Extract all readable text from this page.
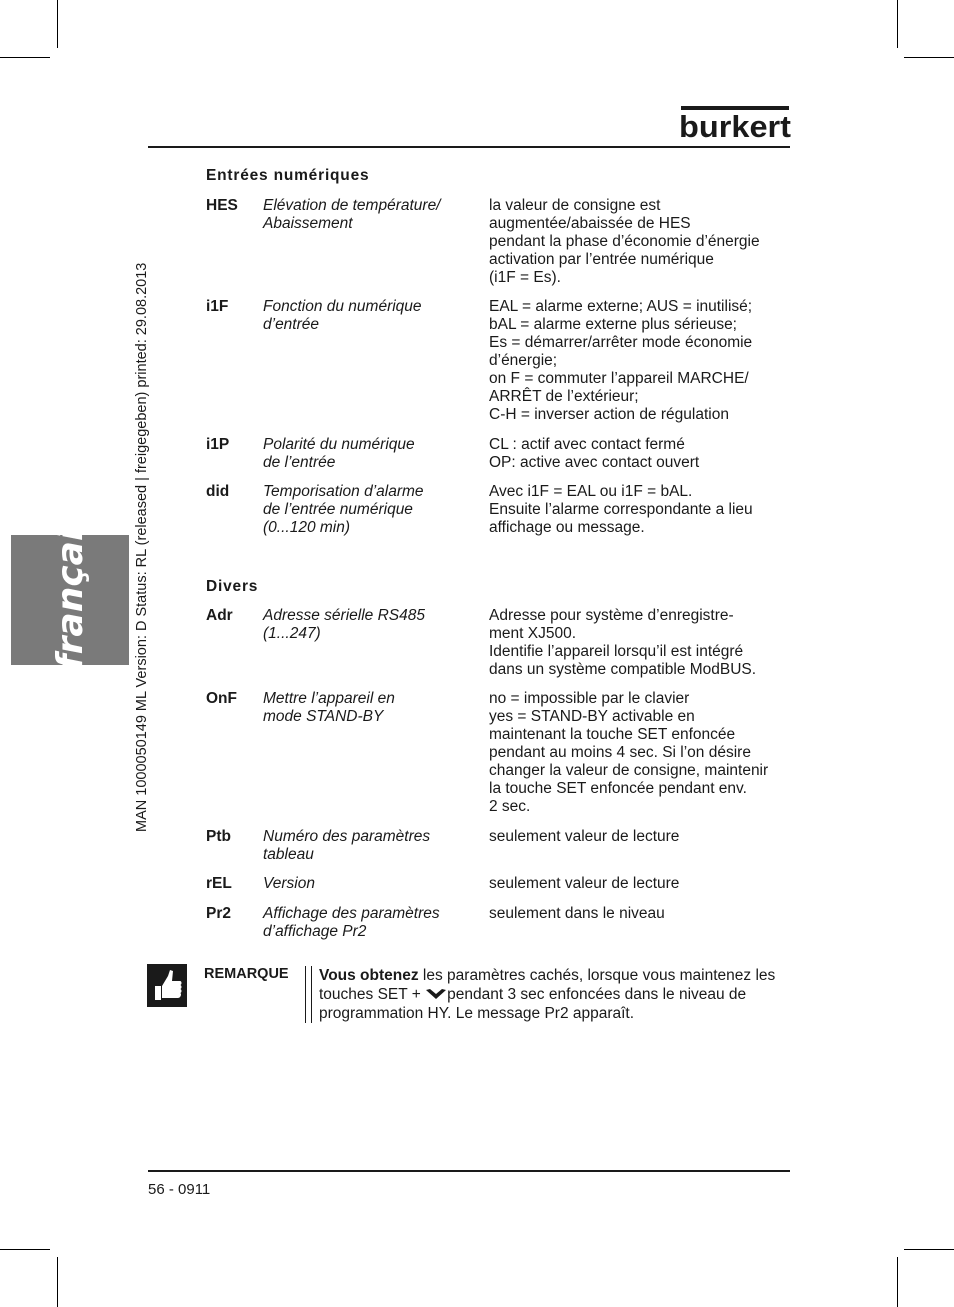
burkert
français	MAN 1000050149 ML Version: D Status: RL (released | freigegeben) printed: 29.08.2013
Entrées numériques
HES Elévation de température/
Abaissement
la valeur de consigne est
augmentée/abaissée de HES
pendant la phase d’économie d’énergie
activation par l’entrée numérique
(i1F = Es).
i1F Fonction du numérique
d’entrée
EAL = alarme externe; AUS = inutilisé;
bAL = alarme externe plus sérieuse;
Es = démarrer/arrêter mode économie
d’énergie;
on F = commuter l’appareil MARCHE/
ARRÊT de l’extérieur;
C-H = inverser action de régulation
i1P Polarité du numérique
de l’entrée
CL : actif avec contact fermé
OP: active avec contact ouvert
did Temporisation d’alarme
de l’entrée numérique
(0...120 min)
Avec i1F = EAL ou i1F = bAL.
Ensuite l’alarme correspondante a lieu
affichage ou message.
Divers
Adr Adresse sérielle RS485
(1...247)
Adresse pour système d’enregistre-
ment XJ500.
Identifie l’appareil lorsqu’il est intégré
dans un système compatible ModBUS.
OnF Mettre l’appareil en
mode STAND-BY
no = impossible par le clavier
yes = STAND-BY activable en
maintenant la touche SET enfoncée
pendant au moins 4 sec. Si l’on désire
changer la valeur de consigne, maintenir
la touche SET enfoncée pendant env.
2 sec.
Ptb Numéro des paramètres
tableau
seulement valeur de lecture
rEL Version	seulement valeur de lecture
Pr2 Affichage des paramètres
d’affichage Pr2
seulement dans le niveau
REMARQUE Vous obtenez les paramètres cachés, lorsque vous maintenez les touches SET + pendant 3 sec enfoncées dans le niveau de programmation HY. Le message Pr2 apparaît.
56 - 0911
